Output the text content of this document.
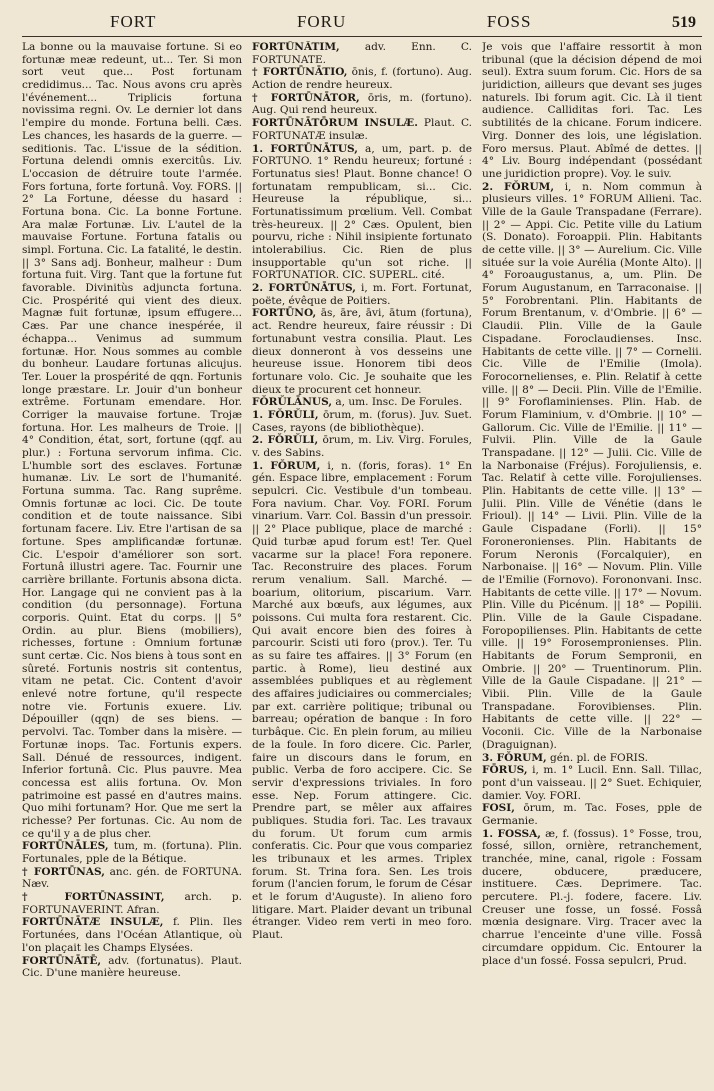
FORT	FORU	FOSS	519

La bonne ou la mauvaise fortune. Si eo fortunæ meæ redeunt, ut... Ter. Si mon sort veut que... Post fortunam credidimus... Tac. Nous avons cru après l'événement... Triplicis fortuna novissima regni. Ov. Le dernier lot dans l'empire du monde. Fortuna belli. Cæs. Les chances, les hasards de la guerre. — seditionis. Tac. L'issue de la sédition. Fortuna delendi omnis exercitûs. Liv. L'occasion de détruire toute l'armée. Fors fortuna, forte fortunâ. Voy. FORS. || 2° La Fortune, déesse du hasard : Fortuna bona. Cic. La bonne Fortune. Ara malæ Fortunæ. Liv. L'autel de la mauvaise Fortune. Fortuna fatalis ou simpl. Fortuna. Cic. La fatalité, le destin. || 3° Sans adj. Bonheur, malheur : Dum fortuna fuit. Virg. Tant que la fortune fut favorable. Divinitùs adjuncta fortuna. Cic. Prospérité qui vient des dieux. Magnæ fuit fortunæ, ipsum effugere... Cæs. Par une chance inespérée, il échappa... Venimus ad summum fortunæ. Hor. Nous sommes au comble du bonheur. Laudare fortunas alicujus. Ter. Louer la prospérité de qqn. Fortunis longe præstare. Lr. Jouir d'un bonheur extrême. Fortunam emendare. Hor. Corriger la mauvaise fortune. Trojæ fortuna. Hor. Les malheurs de Troie. || 4° Condition, état, sort, fortune (qqf. au plur.) : Fortuna servorum infima. Cic. L'humble sort des esclaves. Fortunæ humanæ. Liv. Le sort de l'humanité. Fortuna summa. Tac. Rang suprême. Omnis fortunæ ac loci. Cic. De toute condition et de toute naissance. Sibi fortunam facere. Liv. Etre l'artisan de sa fortune. Spes amplificandæ fortunæ. Cic. L'espoir d'améliorer son sort. Fortunâ illustri agere. Tac. Fournir une carrière brillante. Fortunis absona dicta. Hor. Langage qui ne convient pas à la condition (du personnage). Fortuna corporis. Quint. Etat du corps. || 5° Ordin. au plur. Biens (mobiliers), richesses, fortune : Omnium fortunæ sunt certæ. Cic. Nos biens à tous sont en sûreté. Fortunis nostris sit contentus, vitam ne petat. Cic. Content d'avoir enlevé notre fortune, qu'il respecte notre vie. Fortunis exuere. Liv. Dépouiller (qqn) de ses biens. — pervolvi. Tac. Tomber dans la misère. — Fortunæ inops. Tac. Fortunis expers. Sall. Dénué de ressources, indigent. Inferior fortunâ. Cic. Plus pauvre. Mea concessa est aliis fortuna. Ov. Mon patrimoine est passé en d'autres mains. Quo mihi fortunam? Hor. Que me sert la richesse? Per fortunas. Cic. Au nom de ce qu'il y a de plus cher.

FORTŪNĀLES, tum, m. (fortuna). Plin. Fortunales, pple de la Bétique.

† FORTŪNAS, anc. gén. de FORTUNA. Næv.

† FORTŪNASSINT, arch. p. FORTUNAVERINT. Afran.

FORTŪNĀTÆ INSULÆ, f. Plin. Iles Fortunées, dans l'Océan Atlantique, où l'on plaçait les Champs Elysées.

FORTŪNĀTĒ, adv. (fortunatus). Plaut. Cic. D'une manière heureuse.

FORTŪNĀTIM, adv. Enn. C. FORTUNATE.

† FORTŪNĀTIO, ōnis, f. (fortuno). Aug. Action de rendre heureux.

† FORTŪNĀTOR, ōris, m. (fortuno). Aug. Qui rend heureux.

FORTŪNĀTŌRUM INSULÆ. Plaut. C. FORTUNATÆ insulæ.

1. FORTŪNĀTUS, a, um, part. p. de FORTUNO. 1° Rendu heureux; fortuné : Fortunatus sies! Plaut. Bonne chance! O fortunatam rempublicam, si... Cic. Heureuse la république, si... Fortunatissimum prœlium. Vell. Combat très-heureux. || 2° Cæs. Opulent, bien pourvu, riche : Nihil insipiente fortunato intolerabilius. Cic. Rien de plus insupportable qu'un sot riche. || FORTUNATIOR. CIC. SUPERL. cité.

2. FORTŪNĀTUS, i, m. Fort. Fortunat, poëte, évêque de Poitiers.

FORTŪNO, ās, āre, āvi, ātum (fortuna), act. Rendre heureux, faire réussir : Di fortunabunt vestra consilia. Plaut. Les dieux donneront à vos desseins une heureuse issue. Honorem tibi deos fortunare volo. Cic. Je souhaite que les dieux te procurent cet honneur.

FŎRŬLĀNUS, a, um. Insc. De Forules.

1. FŎRŬLI, ōrum, m. (forus). Juv. Suet. Cases, rayons (de bibliothèque).

2. FŎRŬLI, ōrum, m. Liv. Virg. Forules, v. des Sabins.

1. FŎRUM, i, n. (foris, foras). 1° En gén. Espace libre, emplacement : Forum sepulcri. Cic. Vestibule d'un tombeau. Fora navium. Char. Voy. FORI. Forum vinarium. Varr. Col. Bassin d'un pressoir. || 2° Place publique, place de marché : Quid turbæ apud forum est! Ter. Quel vacarme sur la place! Fora reponere. Tac. Reconstruire des places. Forum rerum venalium. Sall. Marché. — boarium, olitorium, piscarium. Varr. Marché aux bœufs, aux légumes, aux poissons. Cui multa fora restarent. Cic. Qui avait encore bien des foires à parcourir. Scisti uti foro (prov.). Ter. Tu as su faire tes affaires. || 3° Forum (en partic. à Rome), lieu destiné aux assemblées publiques et au règlement des affaires judiciaires ou commerciales; par ext. carrière politique; tribunal ou barreau; opération de banque : In foro turbâque. Cic. En plein forum, au milieu de la foule. In foro dicere. Cic. Parler, faire un discours dans le forum, en public. Verba de foro accipere. Cic. Se servir d'expressions triviales. In foro esse. Nep. Forum attingere. Cic. Prendre part, se mêler aux affaires publiques. Studia fori. Tac. Les travaux du forum. Ut forum cum armis conferatis. Cic. Pour que vous compariez les tribunaux et les armes. Triplex forum. St. Trina fora. Sen. Les trois forum (l'ancien forum, le forum de César et le forum d'Auguste). In alieno foro litigare. Mart. Plaider devant un tribunal étranger. Video rem verti in meo foro. Plaut.

Je vois que l'affaire ressortit à mon tribunal (que la décision dépend de moi seul). Extra suum forum. Cic. Hors de sa juridiction, ailleurs que devant ses juges naturels. Ibi forum agit. Cic. Là il tient audience. Calliditas fori. Tac. Les subtilités de la chicane. Forum indicere. Virg. Donner des lois, une législation. Foro mersus. Plaut. Abîmé de dettes. || 4° Liv. Bourg indépendant (possédant une juridiction propre). Voy. le suiv.

2. FŎRUM, i, n. Nom commun à plusieurs villes. 1° FORUM Allieni. Tac. Ville de la Gaule Transpadane (Ferrare). || 2° — Appi. Cic. Petite ville du Latium (S. Donato). Foroappii. Plin. Habitants de cette ville. || 3° — Aurelium. Cic. Ville située sur la voie Aurélia (Monte Alto). || 4° Foroaugustanus, a, um. Plin. De Forum Augustanum, en Tarraconaise. || 5° Forobrentani. Plin. Habitants de Forum Brentanum, v. d'Ombrie. || 6° — Claudii. Plin. Ville de la Gaule Cispadane. Foroclaudienses. Insc. Habitants de cette ville. || 7° — Cornelii. Cic. Ville de l'Emilie (Imola). Forocornelienses, e. Plin. Relatif à cette ville. || 8° — Decii. Plin. Ville de l'Emilie. || 9° Foroflaminienses. Plin. Hab. de Forum Flaminium, v. d'Ombrie. || 10° — Gallorum. Cic. Ville de l'Emilie. || 11° — Fulvii. Plin. Ville de la Gaule Transpadane. || 12° — Julii. Cic. Ville de la Narbonaise (Fréjus). Forojuliensis, e. Tac. Relatif à cette ville. Forojulienses. Plin. Habitants de cette ville. || 13° — Julii. Plin. Ville de Vénétie (dans le Frioul). || 14° — Livii. Plin. Ville de la Gaule Cispadane (Forli). || 15° Foroneronienses. Plin. Habitants de Forum Neronis (Forcalquier), en Narbonaise. || 16° — Novum. Plin. Ville de l'Emilie (Fornovo). Forononvani. Insc. Habitants de cette ville. || 17° — Novum. Plin. Ville du Picénum. || 18° — Popilii. Plin. Ville de la Gaule Cispadane. Foropopilienses. Plin. Habitants de cette ville. || 19° Forosempronienses. Plin. Habitants de Forum Sempronii, en Ombrie. || 20° — Truentinorum. Plin. Ville de la Gaule Cispadane. || 21° — Vibii. Plin. Ville de la Gaule Transpadane. Forovibienses. Plin. Habitants de cette ville. || 22° — Voconii. Cic. Ville de la Narbonaise (Draguignan).

3. FŎRUM, gén. pl. de FORIS.

FŌRUS, i, m. 1° Lucil. Enn. Sall. Tillac, pont d'un vaisseau. || 2° Suet. Echiquier, damier. Voy. FORI.

FOSI, ōrum, m. Tac. Foses, pple de Germanie.

1. FOSSA, æ, f. (fossus). 1° Fosse, trou, fossé, sillon, ornière, retranchement, tranchée, mine, canal, rigole : Fossam ducere, obducere, præducere, instituere. Cæs. Deprimere. Tac. percutere. Pl.-j. fodere, facere. Liv. Creuser une fosse, un fossé. Fossâ mœnia designare. Virg. Tracer avec la charrue l'enceinte d'une ville. Fossâ circumdare oppidum. Cic. Entourer la place d'un fossé. Fossa sepulcri, Prud.
